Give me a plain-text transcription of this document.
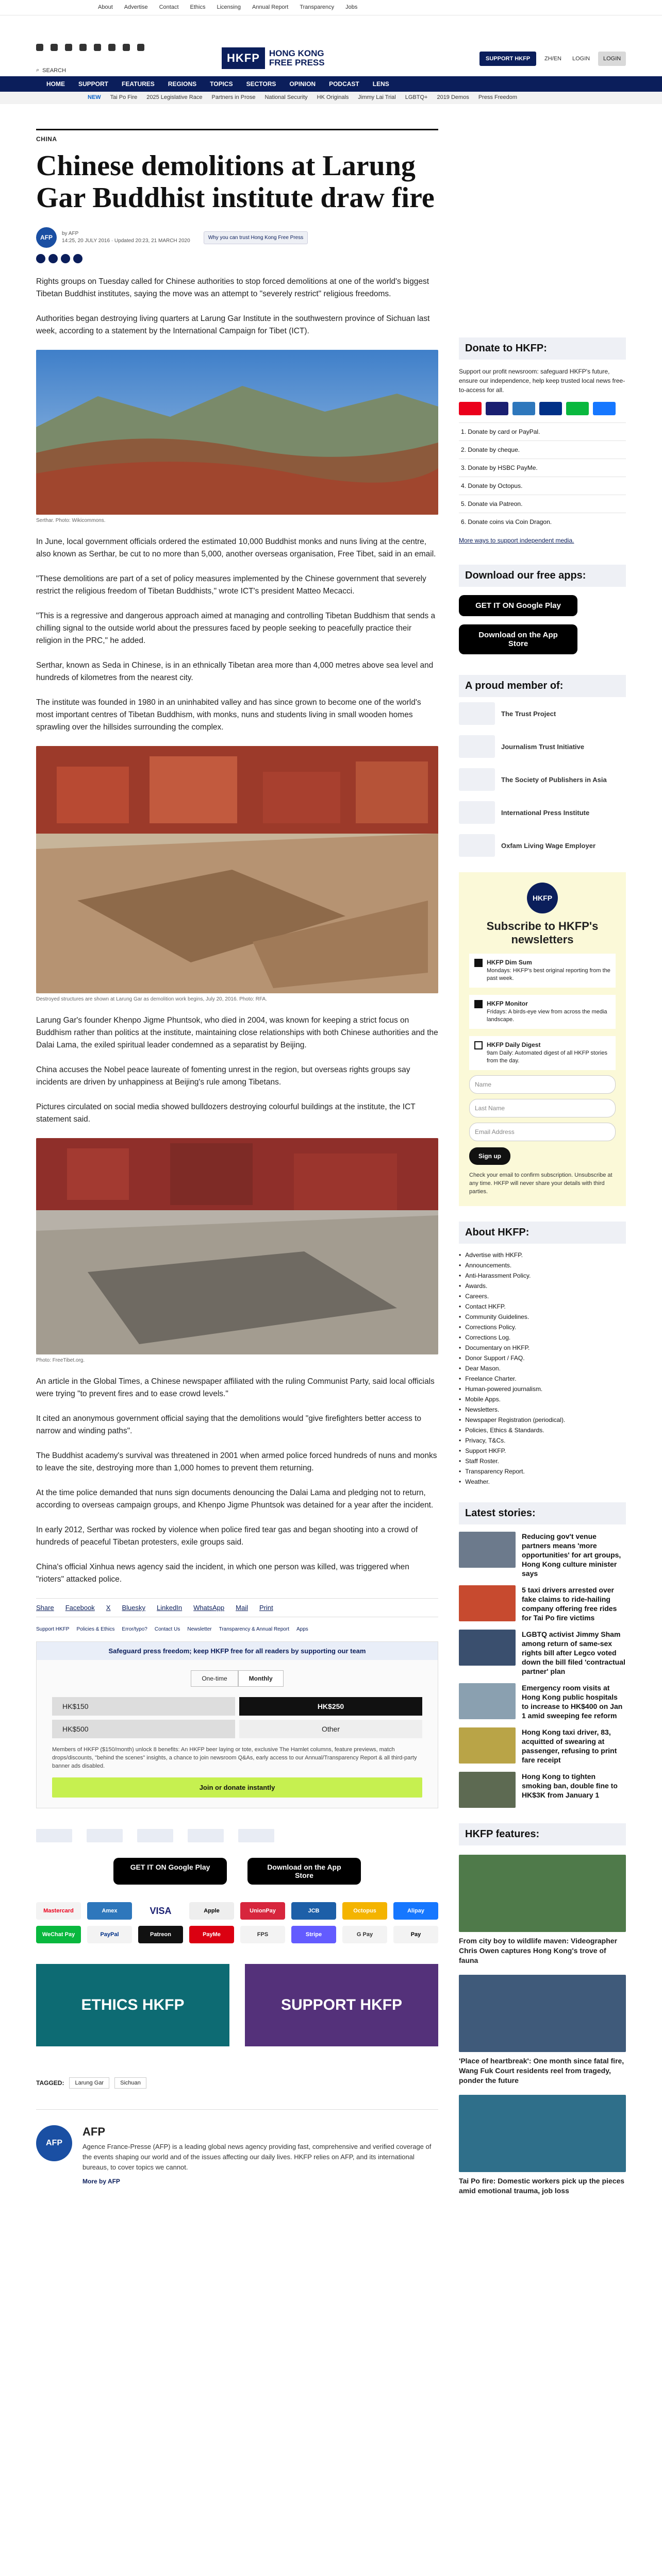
About Advertise Contact Ethics Licensing Annual Report Transparency Jobs
⌕ SEARCH
HKFP	HONG KONG
FREE PRESS	SUPPORT HKFP	ZH/EN LOGIN	LOGIN
HOME SUPPORT FEATURES REGIONS TOPICS SECTORS OPINION PODCAST LENS
NEW Tai Po Fire 2025 Legislative Race Partners in Prose National Security HK Originals Jimmy Lai Trial LGBTQ+ 2019 Demos Press Freedom
CHINA
Chinese demolitions at Larung Gar Buddhist institute draw fire
AFP
by AFP
14:25, 20 JULY 2016 · Updated 20:23, 21 MARCH 2020
Why you can trust Hong Kong Free Press

Rights groups on Tuesday called for Chinese authorities to stop forced demolitions at one of the world's biggest Tibetan Buddhist institutes, saying the move was an attempt to "severely restrict" religious freedoms.

Authorities began destroying living quarters at Larung Gar Institute in the southwestern province of Sichuan last week, according to a statement by the International Campaign for Tibet (ICT).

Serthar. Photo: Wikicommons.

In June, local government officials ordered the estimated 10,000 Buddhist monks and nuns living at the centre, also known as Serthar, be cut to no more than 5,000, another overseas organisation, Free Tibet, said in an email.

"These demolitions are part of a set of policy measures implemented by the Chinese government that severely restrict the religious freedom of Tibetan Buddhists," wrote ICT's president Matteo Mecacci.

"This is a regressive and dangerous approach aimed at managing and controlling Tibetan Buddhism that sends a chilling signal to the outside world about the pressures faced by people seeking to peacefully practice their religion in the PRC," he added.

Serthar, known as Seda in Chinese, is in an ethnically Tibetan area more than 4,000 metres above sea level and hundreds of kilometres from the nearest city.

The institute was founded in 1980 in an uninhabited valley and has since grown to become one of the world's most important centres of Tibetan Buddhism, with monks, nuns and students living in small wooden homes sprawling over the hillsides surrounding the complex.

Destroyed structures are shown at Larung Gar as demolition work begins, July 20, 2016. Photo: RFA.

Larung Gar's founder Khenpo Jigme Phuntsok, who died in 2004, was known for keeping a strict focus on Buddhism rather than politics at the institute, maintaining close relationships with both Chinese authorities and the Dalai Lama, the exiled spiritual leader condemned as a separatist by Beijing.

China accuses the Nobel peace laureate of fomenting unrest in the region, but overseas rights groups say incidents are driven by unhappiness at Beijing's rule among Tibetans.

Pictures circulated on social media showed bulldozers destroying colourful buildings at the institute, the ICT statement said.

Photo: FreeTibet.org.

An article in the Global Times, a Chinese newspaper affiliated with the ruling Communist Party, said local officials were trying "to prevent fires and to ease crowd levels."

It cited an anonymous government official saying that the demolitions would "give firefighters better access to narrow and winding paths".

The Buddhist academy's survival was threatened in 2001 when armed police forced hundreds of nuns and monks to leave the site, destroying more than 1,000 homes to prevent them returning.

At the time police demanded that nuns sign documents denouncing the Dalai Lama and pledging not to return, according to overseas campaign groups, and Khenpo Jigme Phuntsok was detained for a year after the incident.

In early 2012, Serthar was rocked by violence when police fired tear gas and began shooting into a crowd of hundreds of peaceful Tibetan protesters, exile groups said.

China's official Xinhua news agency said the incident, in which one person was killed, was triggered when "rioters" attacked police.

Share Facebook X Bluesky LinkedIn WhatsApp Mail Print
Support HKFP Policies & Ethics Error/typo? Contact Us Newsletter Transparency & Annual Report Apps
Safeguard press freedom; keep HKFP free for all readers by supporting our team
One-time	Monthly
HK$150	HK$250
HK$500	Other

Members of HKFP ($150/month) unlock 8 benefits: An HKFP beer laying or tote, exclusive The Hamlet columns, feature previews, match drops/discounts, "behind the scenes" insights, a chance to join newsroom Q&As, early access to our Annual/Transparency Report & all third-party banner ads disabled.

Join or donate instantly
GET IT ON Google Play	Download on the App Store
Mastercard	Amex	VISA	Apple	UnionPay	JCB	Octopus	Alipay
WeChat Pay	PayPal	Patreon	PayMe	FPS	Stripe	G Pay	Pay
ETHICS HKFP	SUPPORT HKFP
TAGGED:	Larung Gar	Sichuan
AFP
AFP

Agence France-Presse (AFP) is a leading global news agency providing fast, comprehensive and verified coverage of the events shaping our world and of the issues affecting our daily lives. HKFP relies on AFP, and its international bureaus, to cover topics we cannot.

More by AFP
Donate to HKFP:

Support our profit newsroom: safeguard HKFP's future, ensure our independence, help keep trusted local news free-to-access for all.

1. Donate by card or PayPal.
2. Donate by cheque.
3. Donate by HSBC PayMe.
4. Donate by Octopus.
5. Donate via Patreon.
6. Donate coins via Coin Dragon.
More ways to support independent media.
Download our free apps:
GET IT ON Google Play
Download on the App Store
A proud member of:
The Trust Project
Journalism Trust Initiative
The Society of Publishers in Asia
International Press Institute
Oxfam Living Wage Employer
HKFP
Subscribe to HKFP's newsletters
HKFP Dim Sum
Mondays: HKFP's best original reporting from the past week.
HKFP Monitor
Fridays: A birds-eye view from across the media landscape.
HKFP Daily Digest
9am Daily: Automated digest of all HKFP stories from the day.
Name
Last Name
Email Address
Sign up

Check your email to confirm subscription. Unsubscribe at any time. HKFP will never share your details with third parties.

About HKFP:
• Advertise with HKFP.
• Announcements.
• Anti-Harassment Policy.
• Awards.
• Careers.
• Contact HKFP.
• Community Guidelines.
• Corrections Policy.
• Corrections Log.
• Documentary on HKFP.
• Donor Support / FAQ.
• Dear Mason.
• Freelance Charter.
• Human-powered journalism.
• Mobile Apps.
• Newsletters.
• Newspaper Registration (periodical).
• Policies, Ethics & Standards.
• Privacy, T&Cs.
• Support HKFP.
• Staff Roster.
• Transparency Report.
• Weather.
Latest stories:
Reducing gov't venue partners means 'more opportunities' for art groups, Hong Kong culture minister says
5 taxi drivers arrested over fake claims to ride-hailing company offering free rides for Tai Po fire victims
LGBTQ activist Jimmy Sham among return of same-sex rights bill after Legco voted down the bill filed 'contractual partner' plan
Emergency room visits at Hong Kong public hospitals to increase to HK$400 on Jan 1 amid sweeping fee reform
Hong Kong taxi driver, 83, acquitted of swearing at passenger, refusing to print fare receipt
Hong Kong to tighten smoking ban, double fine to HK$3K from January 1
HKFP features:
From city boy to wildlife maven: Videographer Chris Owen captures Hong Kong's trove of fauna
'Place of heartbreak': One month since fatal fire, Wang Fuk Court residents reel from tragedy, ponder the future
Tai Po fire: Domestic workers pick up the pieces amid emotional trauma, job loss
